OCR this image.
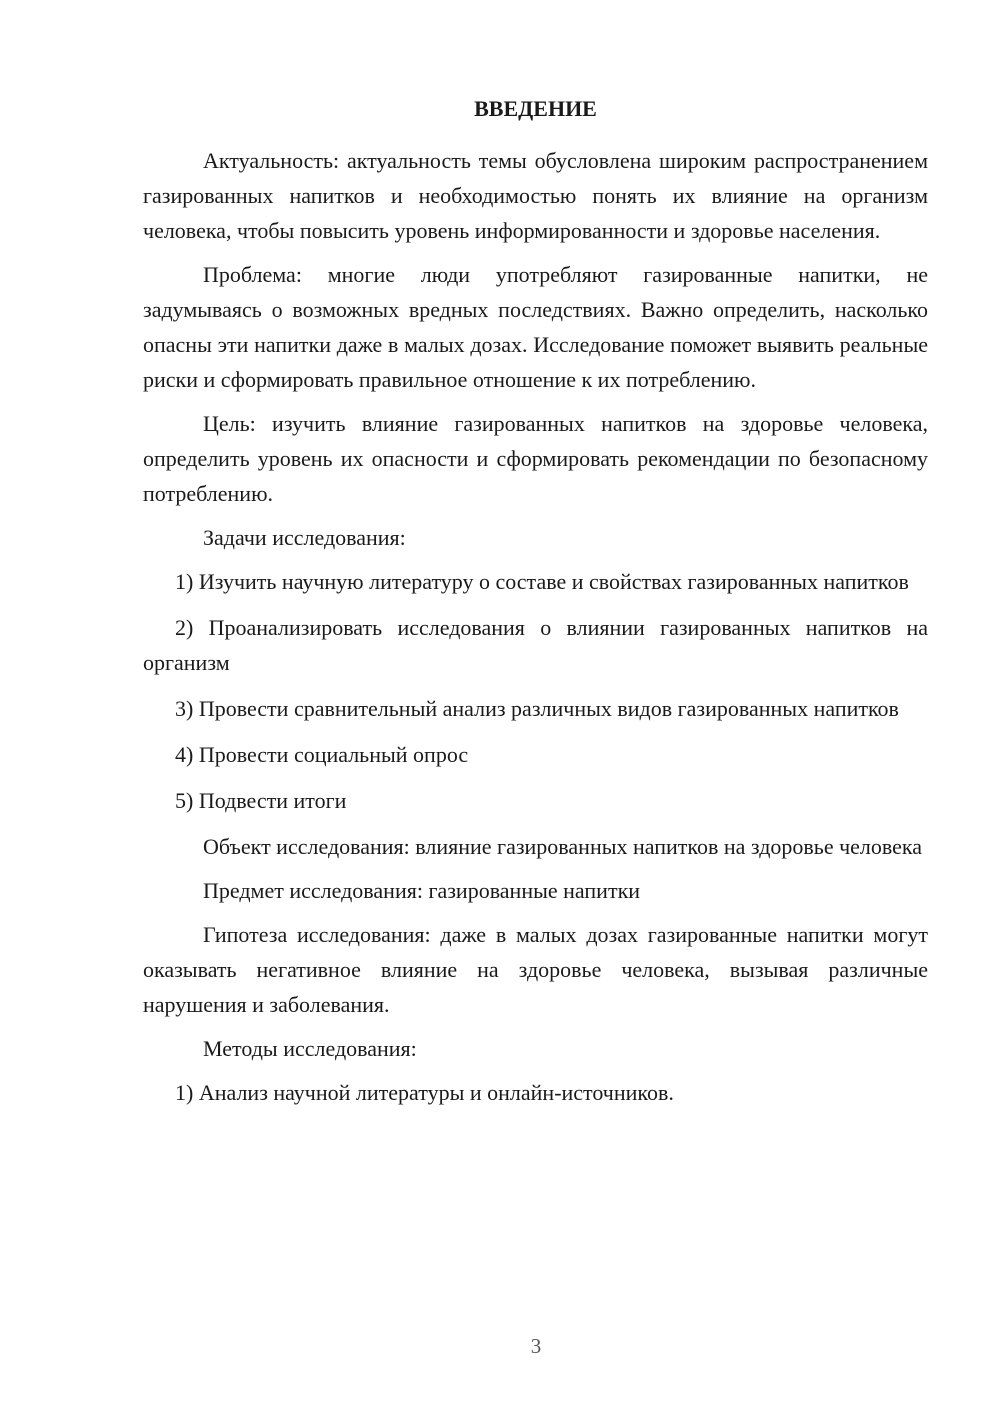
ВВЕДЕНИЕ

Актуальность: актуальность темы обусловлена широким распространением газированных напитков и необходимостью понять их влияние на организм человека, чтобы повысить уровень информированности и здоровье населения.

Проблема: многие люди употребляют газированные напитки, не задумываясь о возможных вредных последствиях. Важно определить, насколько опасны эти напитки даже в малых дозах. Исследование поможет выявить реальные риски и сформировать правильное отношение к их потреблению.

Цель: изучить влияние газированных напитков на здоровье человека, определить уровень их опасности и сформировать рекомендации по безопасному потреблению.

Задачи исследования:

1) Изучить научную литературу о составе и свойствах газированных напитков

2) Проанализировать исследования о влиянии газированных напитков на организм

3) Провести сравнительный анализ различных видов газированных напитков

4) Провести социальный опрос

5) Подвести итоги

Объект исследования: влияние газированных напитков на здоровье человека

Предмет исследования: газированные напитки

Гипотеза исследования: даже в малых дозах газированные напитки могут оказывать негативное влияние на здоровье человека, вызывая различные нарушения и заболевания.

Методы исследования:

1) Анализ научной литературы и онлайн-источников.

3
